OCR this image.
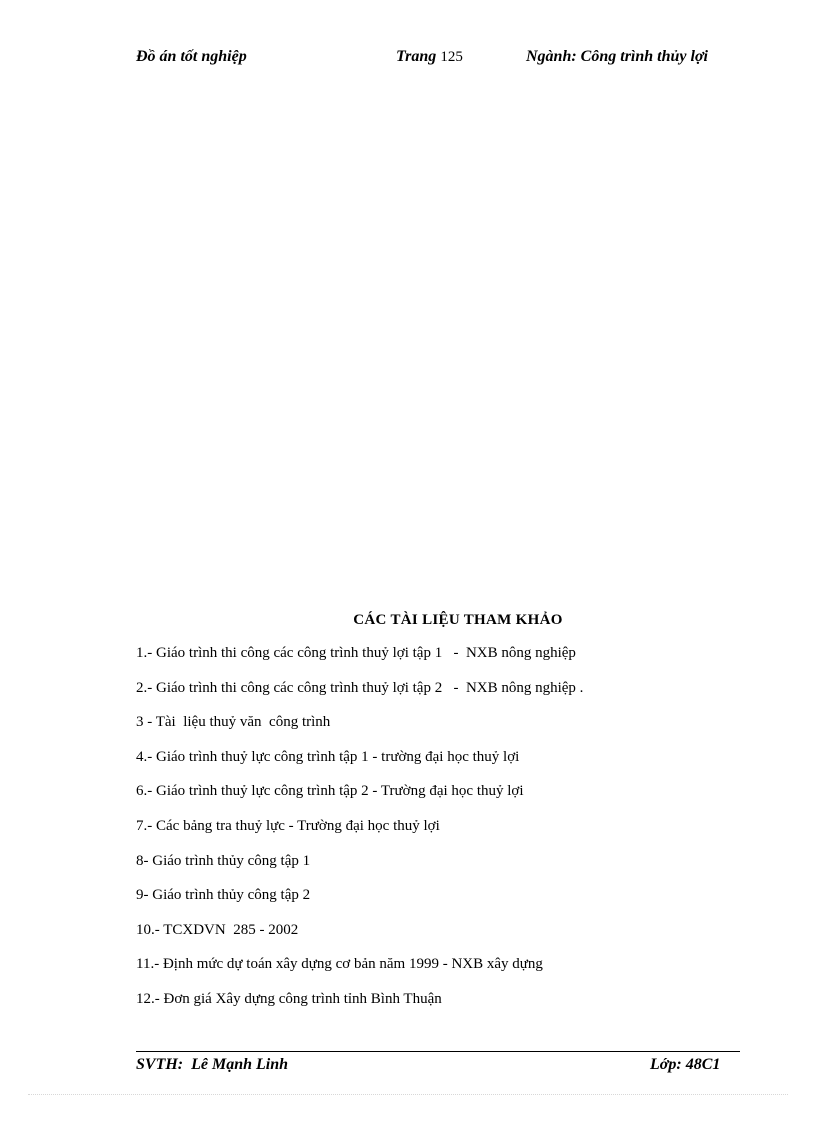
Đồ án tốt nghiệp	Trang 125	Ngành: Công trình thủy lợi
CÁC TÀI LIỆU THAM KHẢO
1.- Giáo trình thi công các công trình thuỷ lợi tập 1   -  NXB nông nghiệp
2.- Giáo trình thi công các công trình thuỷ lợi tập 2   -  NXB nông nghiệp .
3 - Tài  liệu thuỷ văn  công trình
4.- Giáo trình thuỷ lực công trình tập 1 - trường đại học thuỷ lợi
6.- Giáo trình thuỷ lực công trình tập 2 - Trường đại học thuỷ lợi
7.- Các bảng tra thuỷ lực - Trường đại học thuỷ lợi
8- Giáo trình thủy công tập 1
9- Giáo trình thủy công tập 2
10.- TCXDVN  285 - 2002
11.- Định mức dự toán xây dựng cơ bản năm 1999 - NXB xây dựng
12.- Đơn giá Xây dựng công trình tỉnh Bình Thuận
SVTH:  Lê Mạnh Linh	Lớp: 48C1
